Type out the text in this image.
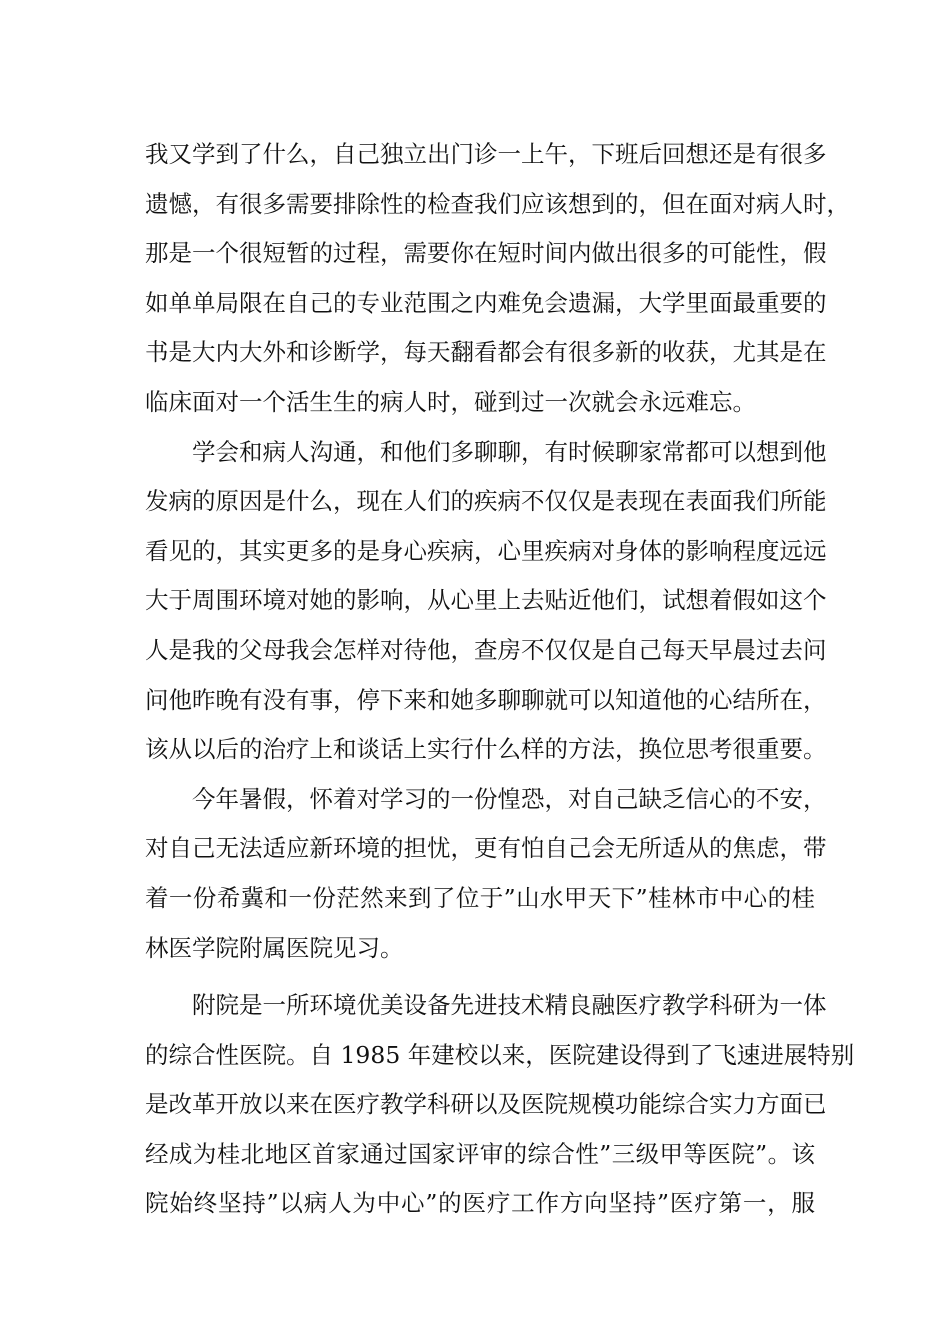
我又学到了什么，自己独立出门诊一上午，下班后回想还是有很多
遗憾，有很多需要排除性的检查我们应该想到的，但在面对病人时，
那是一个很短暂的过程，需要你在短时间内做出很多的可能性，假
如单单局限在自己的专业范围之内难免会遗漏，大学里面最重要的
书是大内大外和诊断学，每天翻看都会有很多新的收获，尤其是在
临床面对一个活生生的病人时，碰到过一次就会永远难忘。
学会和病人沟通，和他们多聊聊，有时候聊家常都可以想到他
发病的原因是什么，现在人们的疾病不仅仅是表现在表面我们所能
看见的，其实更多的是身心疾病，心里疾病对身体的影响程度远远
大于周围环境对她的影响，从心里上去贴近他们，试想着假如这个
人是我的父母我会怎样对待他，查房不仅仅是自己每天早晨过去问
问他昨晚有没有事，停下来和她多聊聊就可以知道他的心结所在，
该从以后的治疗上和谈话上实行什么样的方法，换位思考很重要。
今年暑假，怀着对学习的一份惶恐，对自己缺乏信心的不安，
对自己无法适应新环境的担忧，更有怕自己会无所适从的焦虑，带
着一份希冀和一份茫然来到了位于”山水甲天下”桂林市中心的桂
林医学院附属医院见习。
附院是一所环境优美设备先进技术精良融医疗教学科研为一体
的综合性医院。自 1985 年建校以来，医院建设得到了飞速进展特别
是改革开放以来在医疗教学科研以及医院规模功能综合实力方面已
经成为桂北地区首家通过国家评审的综合性”三级甲等医院”。该
院始终坚持”以病人为中心”的医疗工作方向坚持”医疗第一，服
